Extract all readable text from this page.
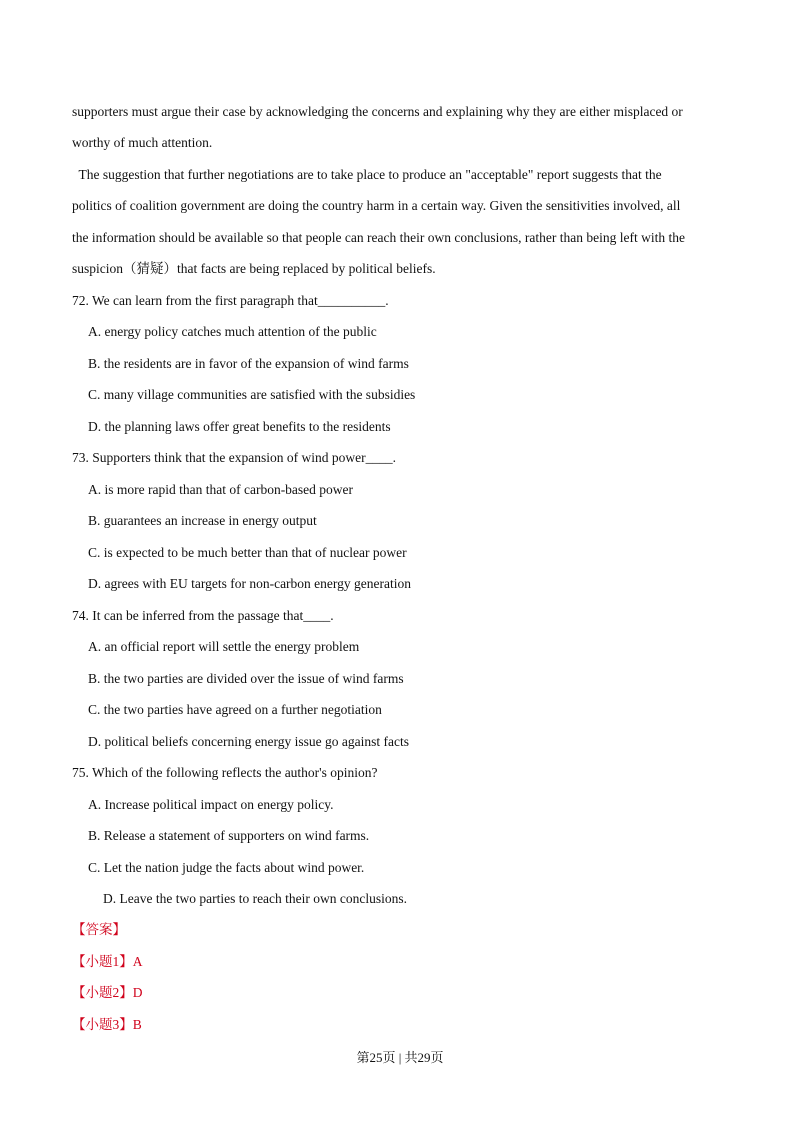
supporters must argue their case by acknowledging the concerns and explaining why they are either misplaced or
worthy of much attention.
The suggestion that further negotiations are to take place to produce an "acceptable" report suggests that the
politics of coalition government are doing the country harm in a certain way. Given the sensitivities involved, all
the information should be available so that people can reach their own conclusions, rather than being left with the
suspicion（猜疑）that facts are being replaced by political beliefs.
72. We can learn from the first paragraph that__________.
A. energy policy catches much attention of the public
B. the residents are in favor of the expansion of wind farms
C. many village communities are satisfied with the subsidies
D. the planning laws offer great benefits to the residents
73. Supporters think that the expansion of wind power____.
A. is more rapid than that of carbon-based power
B. guarantees an increase in energy output
C. is expected to be much better than that of nuclear power
D. agrees with EU targets for non-carbon energy generation
74. It can be inferred from the passage that____.
A. an official report will settle the energy problem
B. the two parties are divided over the issue of wind farms
C. the two parties have agreed on a further negotiation
D. political beliefs concerning energy issue go against facts
75. Which of the following reflects the author's opinion?
A. Increase political impact on energy policy.
B. Release a statement of supporters on wind farms.
C. Let the nation judge the facts about wind power.
D. Leave the two parties to reach their own conclusions.
【答案】
【小题1】A
【小题2】D
【小题3】B
第25页 | 共29页
